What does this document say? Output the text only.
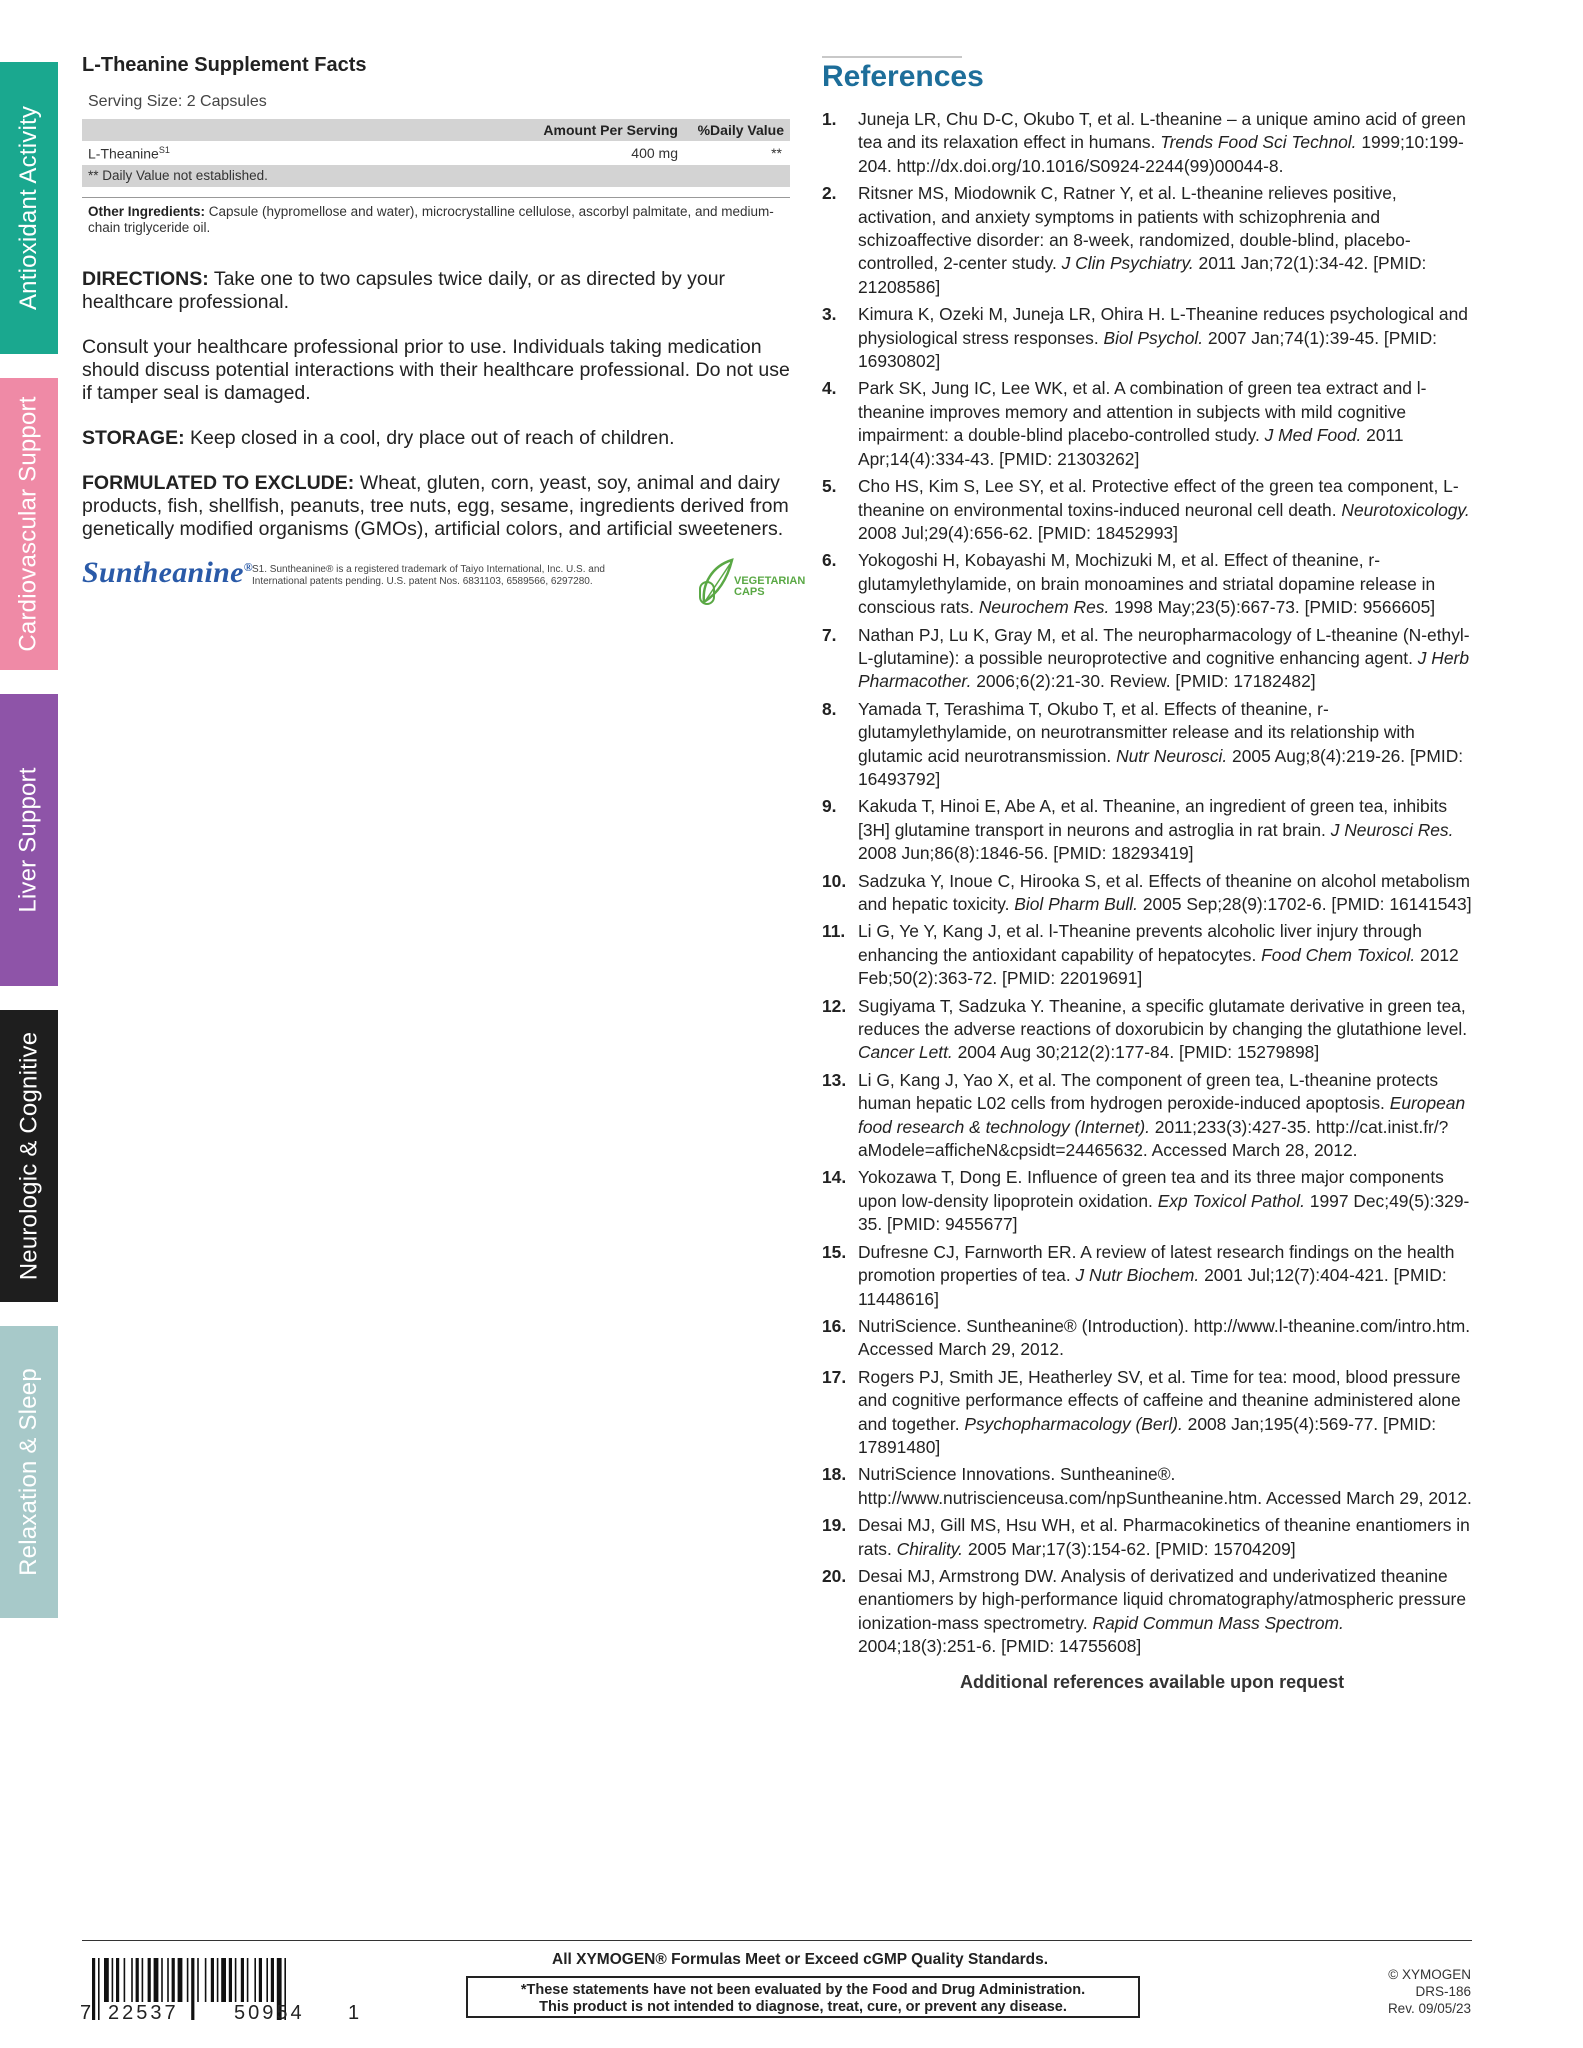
Antioxidant Activity
Cardiovascular Support
Liver Support
Neurologic & Cognitive
Relaxation & Sleep
L-Theanine Supplement Facts
Serving Size: 2 Capsules
Amount Per Serving %Daily Value
L-Theanine$^{S1}$	400 mg	**
** Daily Value not established.
Other Ingredients: Capsule (hypromellose and water), microcrystalline cellulose, ascorbyl palmitate, and medium-chain triglyceride oil.

DIRECTIONS: Take one to two capsules twice daily, or as directed by your healthcare professional.

Consult your healthcare professional prior to use. Individuals taking medication should discuss potential interactions with their healthcare professional. Do not use if tamper seal is damaged.

STORAGE: Keep closed in a cool, dry place out of reach of children.

FORMULATED TO EXCLUDE: Wheat, gluten, corn, yeast, soy, animal and dairy products, fish, shellfish, peanuts, tree nuts, egg, sesame, ingredients derived from genetically modified organisms (GMOs), artificial colors, and artificial sweeteners.

Suntheanine® S1. Suntheanine® is a registered trademark of Taiyo International, Inc. U.S. and International patents pending. U.S. patent Nos. 6831103, 6589566, 6297280.	VEGETARIAN
CAPS
References
1. Juneja LR, Chu D-C, Okubo T, et al. L-theanine – a unique amino acid of green tea and its relaxation effect in humans. Trends Food Sci Technol. 1999;10:199-204. http://dx.doi.org/10.1016/S0924-2244(99)00044-8.
2. Ritsner MS, Miodownik C, Ratner Y, et al. L-theanine relieves positive, activation, and anxiety symptoms in patients with schizophrenia and schizoaffective disorder: an 8-week, randomized, double-blind, placebo-controlled, 2-center study. J Clin Psychiatry. 2011 Jan;72(1):34-42. [PMID: 21208586]
3. Kimura K, Ozeki M, Juneja LR, Ohira H. L-Theanine reduces psychological and physiological stress responses. Biol Psychol. 2007 Jan;74(1):39-45. [PMID: 16930802]
4. Park SK, Jung IC, Lee WK, et al. A combination of green tea extract and l-theanine improves memory and attention in subjects with mild cognitive impairment: a double-blind placebo-controlled study. J Med Food. 2011 Apr;14(4):334-43. [PMID: 21303262]
5. Cho HS, Kim S, Lee SY, et al. Protective effect of the green tea component, L-theanine on environmental toxins-induced neuronal cell death. Neurotoxicology. 2008 Jul;29(4):656-62. [PMID: 18452993]
6. Yokogoshi H, Kobayashi M, Mochizuki M, et al. Effect of theanine, r-glutamylethylamide, on brain monoamines and striatal dopamine release in conscious rats. Neurochem Res. 1998 May;23(5):667-73. [PMID: 9566605]
7. Nathan PJ, Lu K, Gray M, et al. The neuropharmacology of L-theanine (N-ethyl-L-glutamine): a possible neuroprotective and cognitive enhancing agent. J Herb Pharmacother. 2006;6(2):21-30. Review. [PMID: 17182482]
8. Yamada T, Terashima T, Okubo T, et al. Effects of theanine, r-glutamylethylamide, on neurotransmitter release and its relationship with glutamic acid neurotransmission. Nutr Neurosci. 2005 Aug;8(4):219-26. [PMID: 16493792]
9. Kakuda T, Hinoi E, Abe A, et al. Theanine, an ingredient of green tea, inhibits [3H] glutamine transport in neurons and astroglia in rat brain. J Neurosci Res. 2008 Jun;86(8):1846-56. [PMID: 18293419]
10. Sadzuka Y, Inoue C, Hirooka S, et al. Effects of theanine on alcohol metabolism and hepatic toxicity. Biol Pharm Bull. 2005 Sep;28(9):1702-6. [PMID: 16141543]
11. Li G, Ye Y, Kang J, et al. l-Theanine prevents alcoholic liver injury through enhancing the antioxidant capability of hepatocytes. Food Chem Toxicol. 2012 Feb;50(2):363-72. [PMID: 22019691]
12. Sugiyama T, Sadzuka Y. Theanine, a specific glutamate derivative in green tea, reduces the adverse reactions of doxorubicin by changing the glutathione level. Cancer Lett. 2004 Aug 30;212(2):177-84. [PMID: 15279898]
13. Li G, Kang J, Yao X, et al. The component of green tea, L-theanine protects human hepatic L02 cells from hydrogen peroxide-induced apoptosis. European food research & technology (Internet). 2011;233(3):427-35. http://cat.inist.fr/?aModele=afficheN&cpsidt=24465632. Accessed March 28, 2012.
14. Yokozawa T, Dong E. Influence of green tea and its three major components upon low-density lipoprotein oxidation. Exp Toxicol Pathol. 1997 Dec;49(5):329-35. [PMID: 9455677]
15. Dufresne CJ, Farnworth ER. A review of latest research findings on the health promotion properties of tea. J Nutr Biochem. 2001 Jul;12(7):404-421. [PMID: 11448616]
16. NutriScience. Suntheanine® (Introduction). http://www.l-theanine.com/intro.htm. Accessed March 29, 2012.
17. Rogers PJ, Smith JE, Heatherley SV, et al. Time for tea: mood, blood pressure and cognitive performance effects of caffeine and theanine administered alone and together. Psychopharmacology (Berl). 2008 Jan;195(4):569-77. [PMID: 17891480]
18. NutriScience Innovations. Suntheanine®. http://www.nutriscienceusa.com/npSuntheanine.htm. Accessed March 29, 2012.
19. Desai MJ, Gill MS, Hsu WH, et al. Pharmacokinetics of theanine enantiomers in rats. Chirality. 2005 Mar;17(3):154-62. [PMID: 15704209]
20. Desai MJ, Armstrong DW. Analysis of derivatized and underivatized theanine enantiomers by high-performance liquid chromatography/atmospheric pressure ionization-mass spectrometry. Rapid Commun Mass Spectrom. 2004;18(3):251-6. [PMID: 14755608]
Additional references available upon request
All XYMOGEN® Formulas Meet or Exceed cGMP Quality Standards.
*These statements have not been evaluated by the Food and Drug Administration.
This product is not intended to diagnose, treat, cure, or prevent any disease.
7 22537	50954 1
© XYMOGEN
DRS-186
Rev. 09/05/23
